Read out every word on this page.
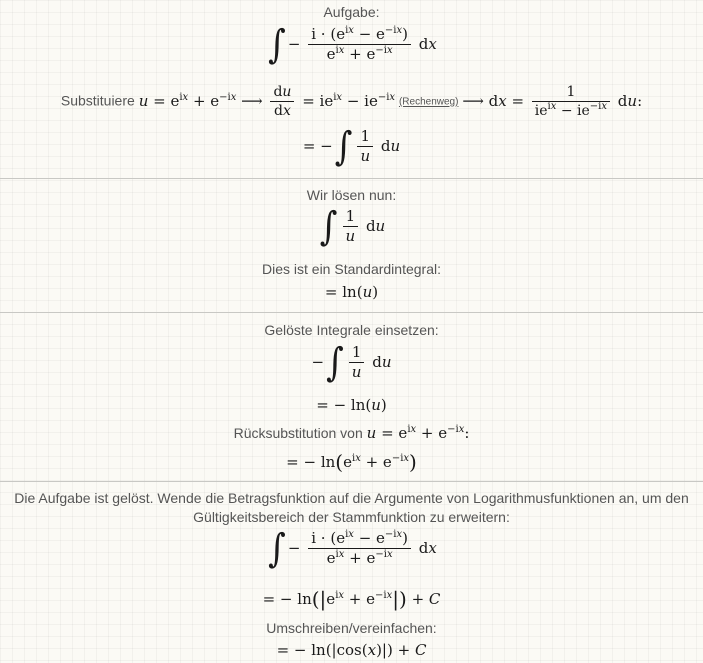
Aufgabe:
∫ − $\frac{i \cdot (e^{ix} - e^{-ix})}{e^{ix} + e^{-ix}}$ dx
Substituiere $u = e^{ix} + e^{-ix}$ ⟶ $\frac{du}{dx} = ie^{ix} - ie^{-ix}$ (Rechenweg) ⟶ dx = $\frac{1}{ie^{ix} - ie^{-ix}}$ du:
= −∫ $\frac{1}{u}$ du
Wir lösen nun:
∫ $\frac{1}{u}$ du
Dies ist ein Standardintegral:
= ln(u)
Gelöste Integrale einsetzen:
−∫ $\frac{1}{u}$ du
= − ln(u)
Rücksubstitution von $u = e^{ix} + e^{-ix}$:
= − $\ln(e^{ix} + e^{-ix})$
Die Aufgabe ist gelöst. Wende die Betragsfunktion auf die Argumente von Logarithmusfunktionen an, um den
Gültigkeitsbereich der Stammfunktion zu erweitern:
∫ − $\frac{i \cdot (e^{ix} - e^{-ix})}{e^{ix} + e^{-ix}}$ dx
= − $\ln(|e^{ix} + e^{-ix}|) + C$
Umschreiben/vereinfachen:
= − ln(|cos(x)|) + C
